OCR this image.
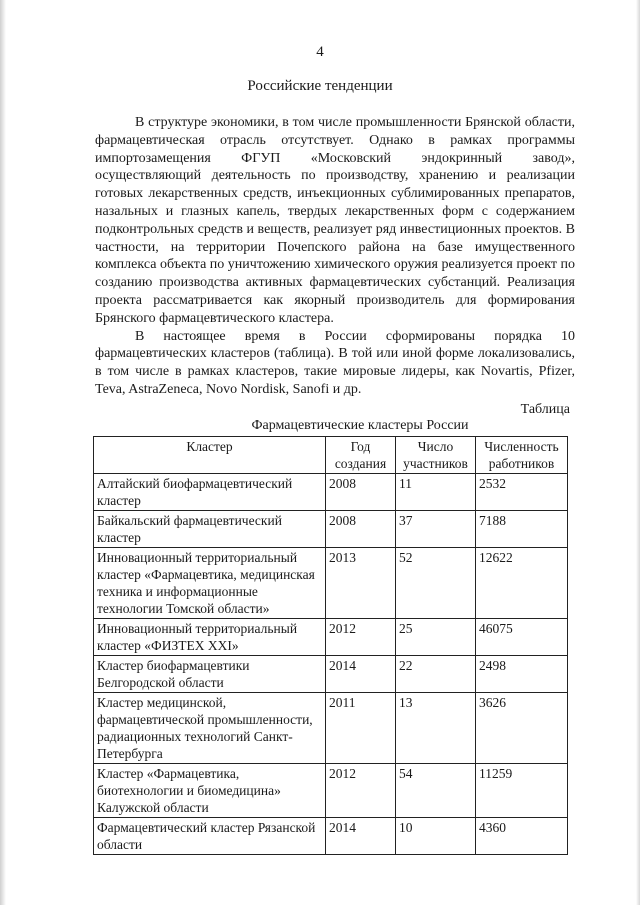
4
Российские тенденции

В структуре экономики, в том числе промышленности Брянской области, фармацевтическая отрасль отсутствует. Однако в рамках программы импортозамещения ФГУП «Московский эндокринный завод», осуществляющий деятельность по производству, хранению и реализации готовых лекарственных средств, инъекционных сублимированных препаратов, назальных и глазных капель, твердых лекарственных форм с содержанием подконтрольных средств и веществ, реализует ряд инвестиционных проектов. В частности, на территории Почепского района на базе имущественного комплекса объекта по уничтожению химического оружия реализуется проект по созданию производства активных фармацевтических субстанций. Реализация проекта рассматривается как якорный производитель для формирования Брянского фармацевтического кластера.

В настоящее время в России сформированы порядка 10 фармацевтических кластеров (таблица). В той или иной форме локализовались, в том числе в рамках кластеров, такие мировые лидеры, как Novartis, Pfizer, Teva, AstraZeneca, Novo Nordisk, Sanofi и др.

Таблица
Фармацевтические кластеры России
Кластер	Год создания	Число участников	Численность работников
Алтайский биофармацевтический кластер	2008	11	2532
Байкальский фармацевтический кластер	2008	37	7188
Инновационный территориальный кластер «Фармацевтика, медицинская техника и информационные технологии Томской области»	2013	52	12622
Инновационный территориальный кластер «ФИЗТЕХ XXI»	2012	25	46075
Кластер биофармацевтики Белгородской области	2014	22	2498
Кластер медицинской, фармацевтической промышленности, радиационных технологий Санкт-Петербурга	2011	13	3626
Кластер «Фармацевтика, биотехнологии и биомедицина» Калужской области	2012	54	11259
Фармацевтический кластер Рязанской области	2014	10	4360
